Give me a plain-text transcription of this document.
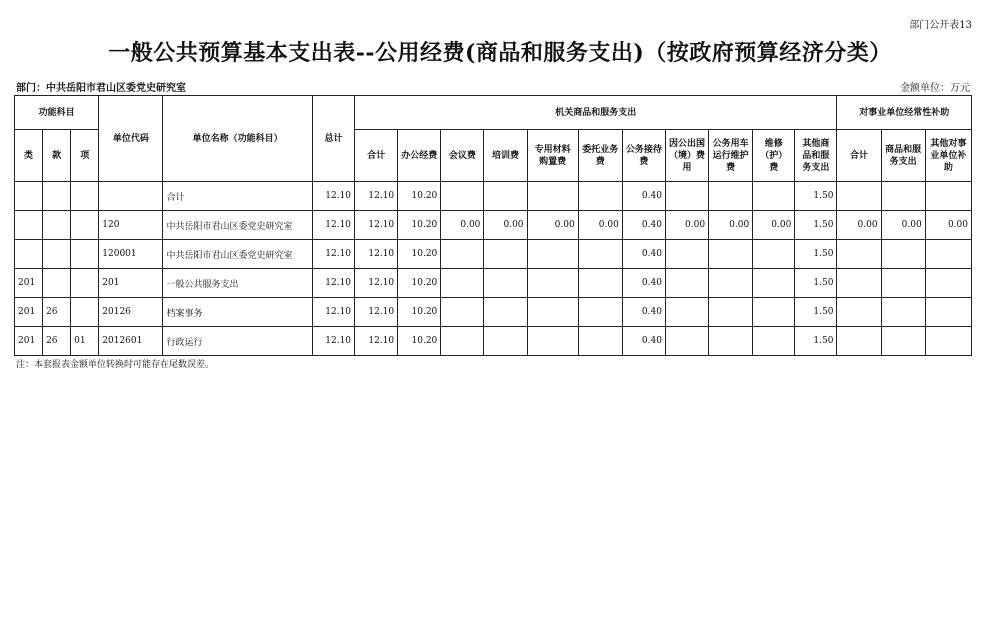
部门公开表13
一般公共预算基本支出表--公用经费(商品和服务支出)（按政府预算经济分类）
部门：中共岳阳市君山区委党史研究室	金额单位：万元
功能科目			单位代码	单位名称（功能科目）	总计	机关商品和服务支出											对事业单位经常性补助		
类	款	项				合计	办公经费	会议费	培训费	专用材料购置费	委托业务费	公务接待费	因公出国（境）费用	公务用车运行维护费	维修（护）费	其他商品和服务支出	合计	商品和服务支出	其他对事业单位补助
				合计	12.10	12.10	10.20					0.40				1.50			
			120	中共岳阳市君山区委党史研究室	12.10	12.10	10.20	0.00	0.00	0.00	0.00	0.40	0.00	0.00	0.00	1.50	0.00	0.00	0.00
			120001	中共岳阳市君山区委党史研究室	12.10	12.10	10.20					0.40				1.50			
201			201	一般公共服务支出	12.10	12.10	10.20					0.40				1.50			
201	26		20126	档案事务	12.10	12.10	10.20					0.40				1.50			
201	26	01	2012601	行政运行	12.10	12.10	10.20					0.40				1.50			
注：本套报表金额单位转换时可能存在尾数误差。
